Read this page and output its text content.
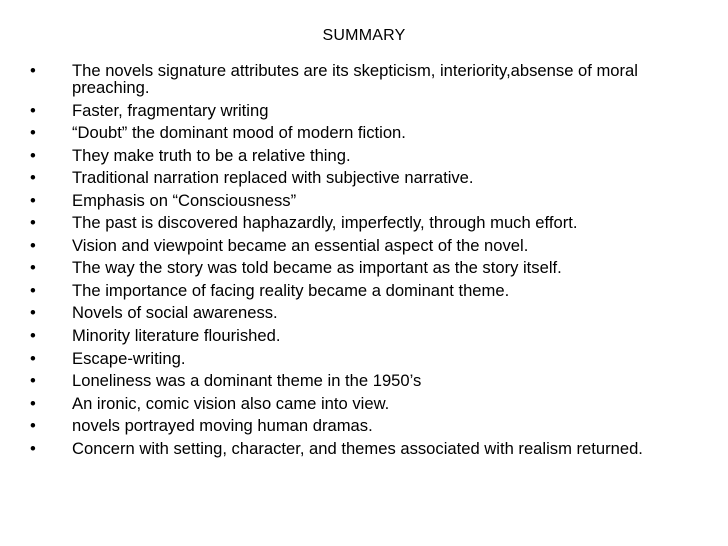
SUMMARY
•	The novels signature attributes are its skepticism, interiority,absense of moral preaching.
•	Faster, fragmentary writing
•	“Doubt” the dominant mood of modern fiction.
•	They make truth to be a relative thing.
•	Traditional narration replaced with subjective narrative.
•	Emphasis on “Consciousness”
•	The past is discovered haphazardly, imperfectly, through much effort.
•	Vision and viewpoint became an essential aspect of the novel.
•	The way the story was told became as important as the story itself.
•	The importance of facing reality became a dominant theme.
•	Novels of social awareness.
•	Minority literature flourished.
•	Escape-writing.
•	Loneliness was a dominant theme in the 1950’s
•	An ironic, comic vision also came into view.
•	novels portrayed moving human dramas.
•	Concern with setting, character, and themes associated with realism returned.
